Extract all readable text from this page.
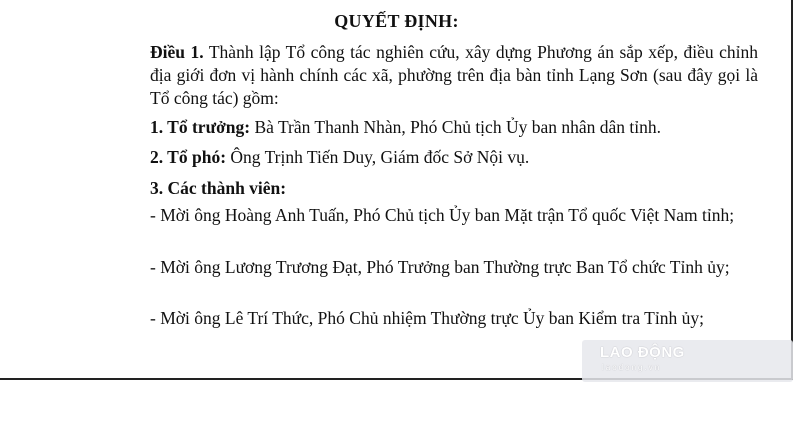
QUYẾT ĐỊNH:
Điều 1. Thành lập Tổ công tác nghiên cứu, xây dựng Phương án sắp xếp, điều chỉnh địa giới đơn vị hành chính các xã, phường trên địa bàn tỉnh Lạng Sơn (sau đây gọi là Tổ công tác) gồm:
1. Tổ trưởng: Bà Trần Thanh Nhàn, Phó Chủ tịch Ủy ban nhân dân tỉnh.
2. Tổ phó: Ông Trịnh Tiến Duy, Giám đốc Sở Nội vụ.
3. Các thành viên:
- Mời ông Hoàng Anh Tuấn, Phó Chủ tịch Ủy ban Mặt trận Tổ quốc Việt Nam tỉnh;
- Mời ông Lương Trương Đạt, Phó Trưởng ban Thường trực Ban Tổ chức Tỉnh ủy;
- Mời ông Lê Trí Thức, Phó Chủ nhiệm Thường trực Ủy ban Kiểm tra Tỉnh ủy;
LAO ĐỘNG
laodong.vn
